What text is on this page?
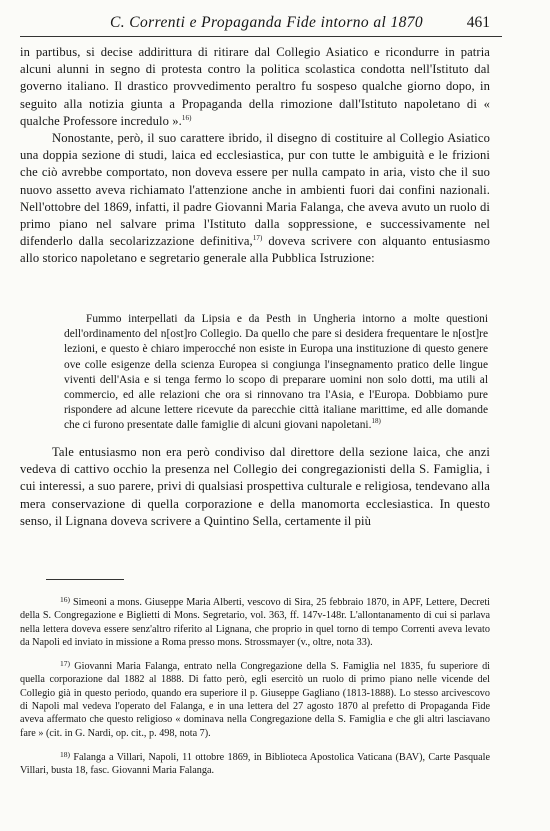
C. Correnti e Propaganda Fide intorno al 1870	461

in partibus, si decise addirittura di ritirare dal Collegio Asiatico e ricondurre in patria alcuni alunni in segno di protesta contro la politica scolastica condotta nell'Istituto dal governo italiano. Il drastico provvedimento peraltro fu sospeso qualche giorno dopo, in seguito alla notizia giunta a Propaganda della rimozione dall'Istituto napoletano di « qualche Professore incredulo ».$^{16)}$

Nonostante, però, il suo carattere ibrido, il disegno di costituire al Collegio Asiatico una doppia sezione di studi, laica ed ecclesiastica, pur con tutte le ambiguità e le frizioni che ciò avrebbe comportato, non doveva essere per nulla campato in aria, visto che il suo nuovo assetto aveva richiamato l'attenzione anche in ambienti fuori dai confini nazionali. Nell'ottobre del 1869, infatti, il padre Giovanni Maria Falanga, che aveva avuto un ruolo di primo piano nel salvare prima l'Istituto dalla soppressione, e successivamente nel difenderlo dalla secolarizzazione definitiva,$^{17)}$ doveva scrivere con alquanto entusiasmo allo storico napoletano e segretario generale alla Pubblica Istruzione:

Fummo interpellati da Lipsia e da Pesth in Ungheria intorno a molte questioni dell'ordinamento del n[ost]ro Collegio. Da quello che pare si desidera frequentare le n[ost]re lezioni, e questo è chiaro imperocché non esiste in Europa una instituzione di questo genere ove colle esigenze della scienza Europea si congiunga l'insegnamento pratico delle lingue viventi dell'Asia e si tenga fermo lo scopo di preparare uomini non solo dotti, ma utili al commercio, ed alle relazioni che ora si rinnovano tra l'Asia, e l'Europa. Dobbiamo pure rispondere ad alcune lettere ricevute da parecchie città italiane marittime, ed alle domande che ci furono presentate dalle famiglie di alcuni giovani napoletani.$^{18)}$

Tale entusiasmo non era però condiviso dal direttore della sezione laica, che anzi vedeva di cattivo occhio la presenza nel Collegio dei congregazionisti della S. Famiglia, i cui interessi, a suo parere, privi di qualsiasi prospettiva culturale e religiosa, tendevano alla mera conservazione di quella corporazione e della manomorta ecclesiastica. In questo senso, il Lignana doveva scrivere a Quintino Sella, certamente il più

$^{16)}$ Simeoni a mons. Giuseppe Maria Alberti, vescovo di Sira, 25 febbraio 1870, in APF, Lettere, Decreti della S. Congregazione e Biglietti di Mons. Segretario, vol. 363, ff. 147v-148r. L'allontanamento di cui si parlava nella lettera doveva essere senz'altro riferito al Lignana, che proprio in quel torno di tempo Correnti aveva levato da Napoli ed inviato in missione a Roma presso mons. Strossmayer (v., oltre, nota 33).

$^{17)}$ Giovanni Maria Falanga, entrato nella Congregazione della S. Famiglia nel 1835, fu superiore di quella corporazione dal 1882 al 1888. Di fatto però, egli esercitò un ruolo di primo piano nelle vicende del Collegio già in questo periodo, quando era superiore il p. Giuseppe Gagliano (1813-1888). Lo stesso arcivescovo di Napoli mal vedeva l'operato del Falanga, e in una lettera del 27 agosto 1870 al prefetto di Propaganda Fide aveva affermato che questo religioso « dominava nella Congregazione della S. Famiglia e che gli altri lasciavano fare » (cit. in G. Nardi, op. cit., p. 498, nota 7).

$^{18)}$ Falanga a Villari, Napoli, 11 ottobre 1869, in Biblioteca Apostolica Vaticana (BAV), Carte Pasquale Villari, busta 18, fasc. Giovanni Maria Falanga.
